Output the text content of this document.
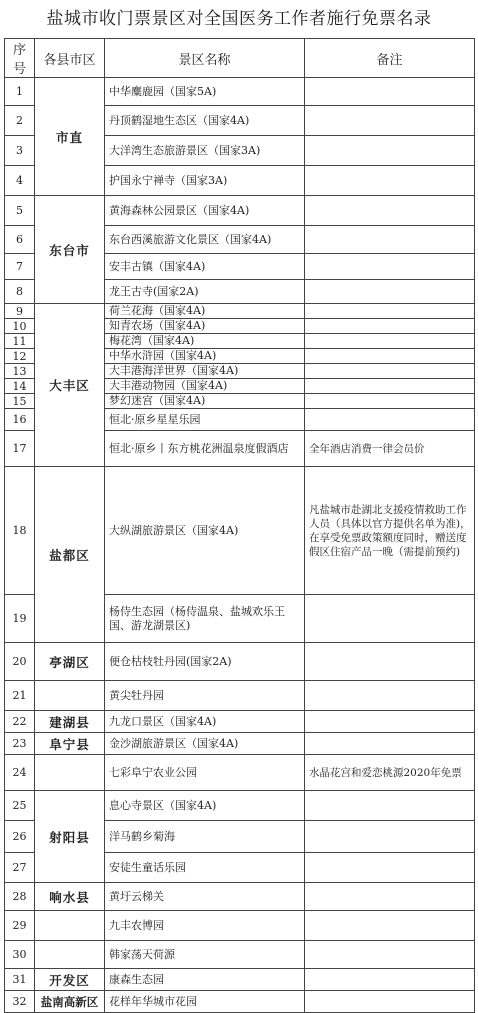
盐城市收门票景区对全国医务工作者施行免票名录
序号	各县市区	景区名称	备注
1	市直	中华麋鹿园（国家5A)	
2		丹顶鹤湿地生态区（国家4A)	
3		大洋湾生态旅游景区（国家3A)	
4		护国永宁禅寺（国家3A)	
5	东台市	黄海森林公园景区（国家4A)	
6		东台西溪旅游文化景区（国家4A)	
7		安丰古镇（国家4A)	
8		龙王古寺(国家2A)	
9	大丰区	荷兰花海（国家4A)	
10		知青农场（国家4A)	
11		梅花湾（国家4A)	
12		中华水浒园（国家4A)	
13		大丰港海洋世界（国家4A)	
14		大丰港动物园（国家4A)	
15		梦幻迷宫（国家4A)	
16		恒北·原乡星星乐园	
17		恒北·原乡丨东方桃花洲温泉度假酒店	全年酒店消费一律会员价
18	盐都区	大纵湖旅游景区（国家4A)	凡盐城市赴湖北支援疫情救助工作人员（具体以官方提供名单为准)，在享受免票政策额度同时，赠送度假区住宿产品一晚（需提前预约)
19		杨侍生态园（杨侍温泉、盐城欢乐王国、游龙湖景区)	
20	亭湖区	便仓枯枝牡丹园(国家2A)	
21		黄尖牡丹园	
22	建湖县	九龙口景区（国家4A)	
23	阜宁县	金沙湖旅游景区（国家4A)	
24		七彩阜宁农业公园	水晶花宫和爱恋桃源2020年免票
25	射阳县	息心寺景区（国家4A)	
26		洋马鹤乡菊海	
27		安徒生童话乐园	
28	响水县	黄圩云梯关	
29		九丰农博园	
30		韩家荡天荷源	
31	开发区	康森生态园	
32	盐南高新区	花样年华城市花园	
